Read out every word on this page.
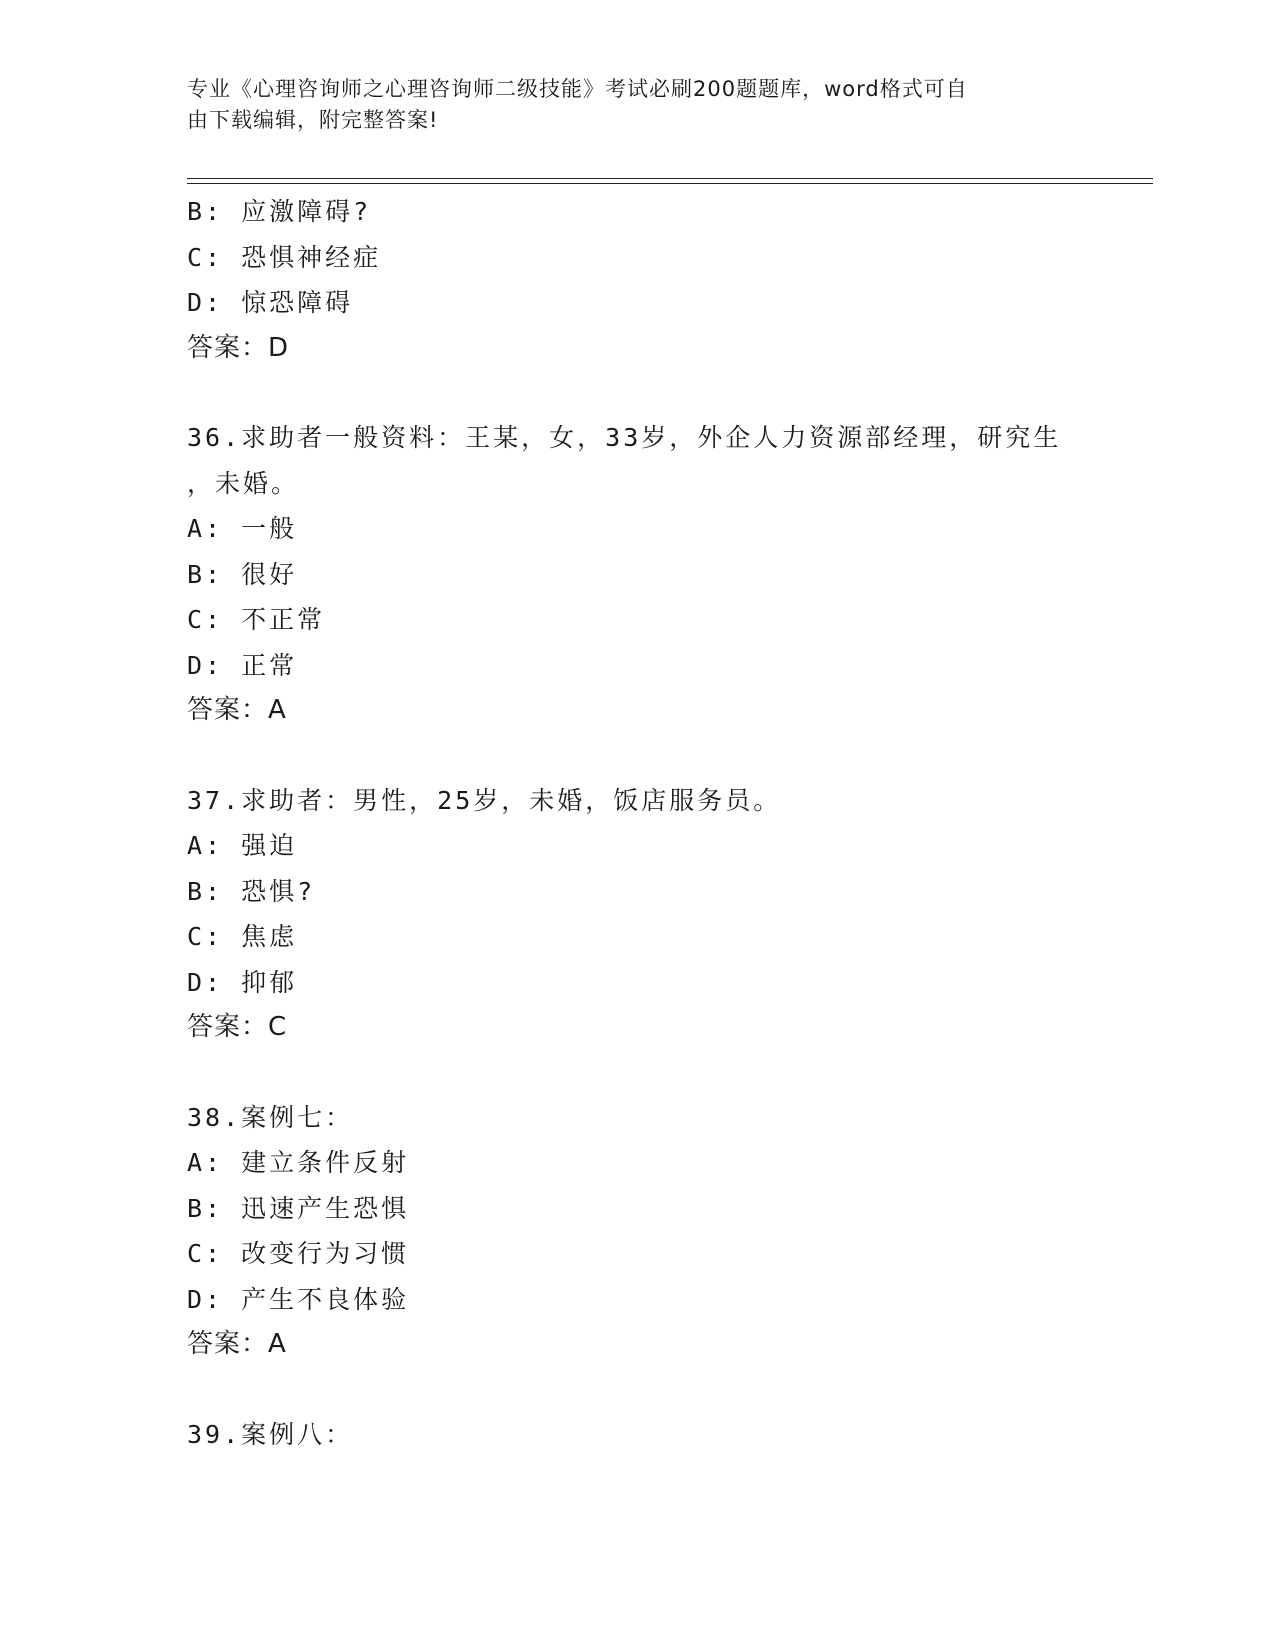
专业《心理咨询师之心理咨询师二级技能》考试必刷200题题库，word格式可自
由下载编辑，附完整答案!
B: 应激障碍?
C: 恐惧神经症
D: 惊恐障碍
答案：D
36.求助者一般资料：王某，女，33岁，外企人力资源部经理，研究生
，未婚。
A: 一般
B: 很好
C: 不正常
D: 正常
答案：A
37.求助者：男性，25岁，未婚，饭店服务员。
A: 强迫
B: 恐惧?
C: 焦虑
D: 抑郁
答案：C
38.案例七：
A: 建立条件反射
B: 迅速产生恐惧
C: 改变行为习惯
D: 产生不良体验
答案：A
39.案例八：
